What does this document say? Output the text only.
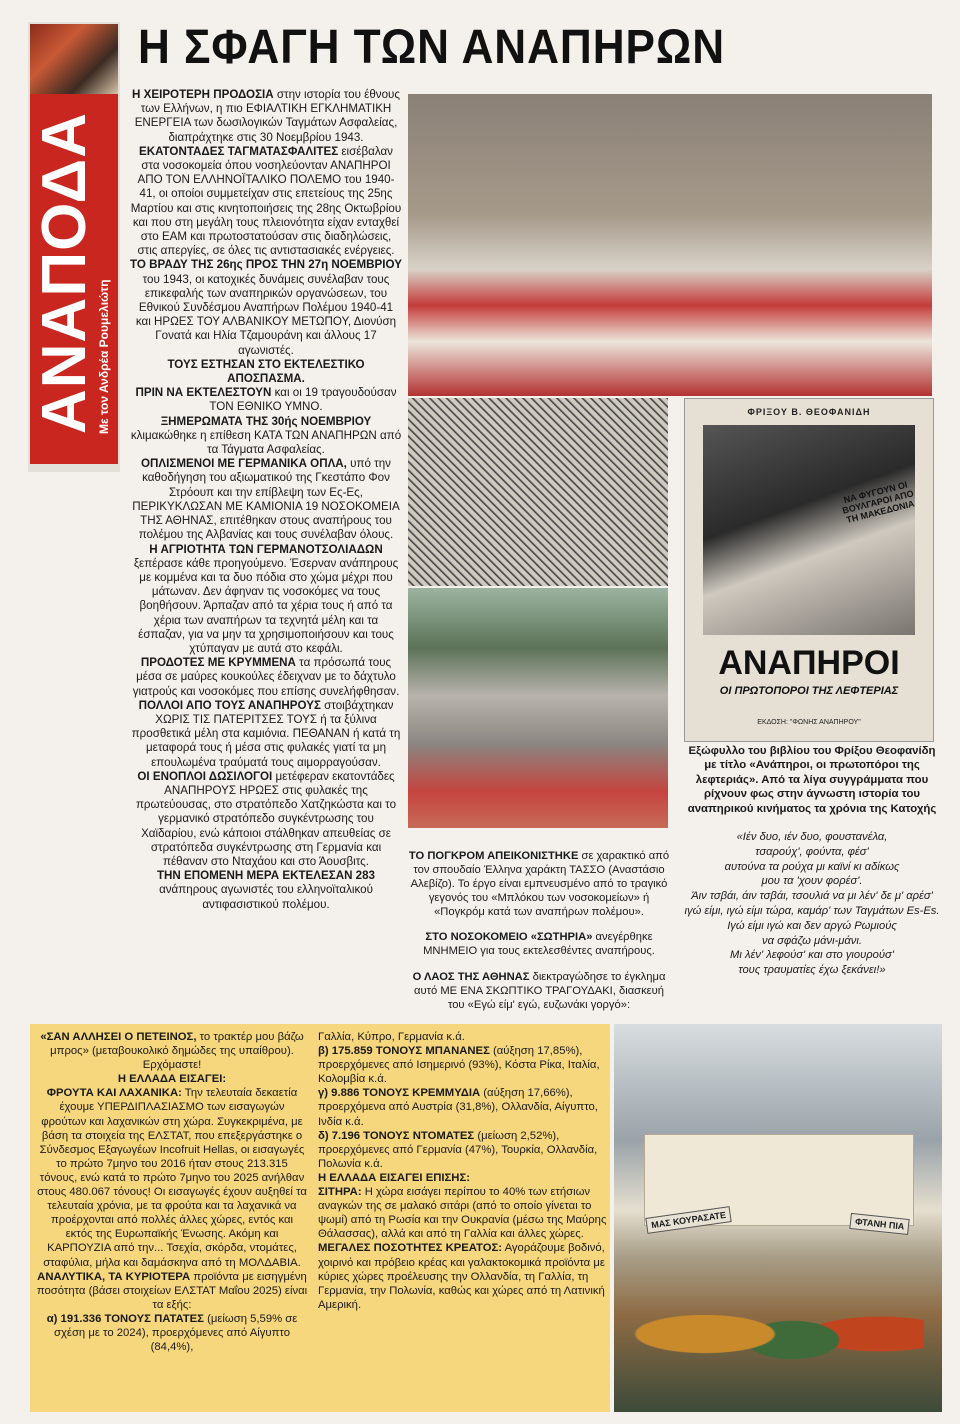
ΑΝΑΠΟΔΑ
Με τον Ανδρέα Ρουμελιώτη
Η ΣΦΑΓΗ ΤΩΝ ΑΝΑΠΗΡΩΝ

Η ΧΕΙΡΟΤΕΡΗ ΠΡΟΔΟΣΙΑ στην ιστορία του έθνους των Ελλήνων, η πιο ΕΦΙΑΛΤΙΚΗ ΕΓΚΛΗΜΑΤΙΚΗ ΕΝΕΡΓΕΙΑ των δωσιλογικών Ταγμάτων Ασφαλείας, διαπράχτηκε στις 30 Νοεμβρίου 1943.

ΕΚΑΤΟΝΤΑΔΕΣ ΤΑΓΜΑΤΑΣΦΑΛΙΤΕΣ εισέβαλαν στα νοσοκομεία όπου νοσηλεύονταν ΑΝΑΠΗΡΟΙ ΑΠΟ ΤΟΝ ΕΛΛΗΝΟΪΤΑΛΙΚΟ ΠΟΛΕΜΟ του 1940-41, οι οποίοι συμμετείχαν στις επετείους της 25ης Μαρτίου και στις κινητοποιήσεις της 28ης Οκτωβρίου και που στη μεγάλη τους πλειονότητα είχαν ενταχθεί στο ΕΑΜ και πρωτοστατούσαν στις διαδηλώσεις, στις απεργίες, σε όλες τις αντιστασιακές ενέργειες.

ΤΟ ΒΡΑΔΥ ΤΗΣ 26ης ΠΡΟΣ ΤΗΝ 27η ΝΟΕΜΒΡΙΟΥ του 1943, οι κατοχικές δυνάμεις συνέλαβαν τους επικεφαλής των αναπηρικών οργανώσεων, του Εθνικού Συνδέσμου Αναπήρων Πολέμου 1940-41 και ΗΡΩΕΣ ΤΟΥ ΑΛΒΑΝΙΚΟΥ ΜΕΤΩΠΟΥ, Διονύση Γονατά και Ηλία Τζαμουράνη και άλλους 17 αγωνιστές.

ΤΟΥΣ ΕΣΤΗΣΑΝ ΣΤΟ ΕΚΤΕΛΕΣΤΙΚΟ ΑΠΟΣΠΑΣΜΑ.

ΠΡΙΝ ΝΑ ΕΚΤΕΛΕΣΤΟΥΝ και οι 19 τραγουδούσαν ΤΟΝ ΕΘΝΙΚΟ ΥΜΝΟ.

ΞΗΜΕΡΩΜΑΤΑ ΤΗΣ 30ής ΝΟΕΜΒΡΙΟΥ κλιμακώθηκε η επίθεση ΚΑΤΑ ΤΩΝ ΑΝΑΠΗΡΩΝ από τα Τάγματα Ασφαλείας.

ΟΠΛΙΣΜΕΝΟΙ ΜΕ ΓΕΡΜΑΝΙΚΑ ΟΠΛΑ, υπό την καθοδήγηση του αξιωματικού της Γκεστάπο Φον Στρόουπ και την επίβλεψη των Ες-Ες, ΠΕΡΙΚΥΚΛΩΣΑΝ ΜΕ ΚΑΜΙΟΝΙΑ 19 ΝΟΣΟΚΟΜΕΙΑ ΤΗΣ ΑΘΗΝΑΣ, επιτέθηκαν στους αναπήρους του πολέμου της Αλβανίας και τους συνέλαβαν όλους.

Η ΑΓΡΙΟΤΗΤΑ ΤΩΝ ΓΕΡΜΑΝΟΤΣΟΛΙΑΔΩΝ ξεπέρασε κάθε προηγούμενο. Έσερναν ανάπηρους με κομμένα και τα δυο πόδια στο χώμα μέχρι που μάτωναν. Δεν άφηναν τις νοσοκόμες να τους βοηθήσουν. Άρπαζαν από τα χέρια τους ή από τα χέρια των αναπήρων τα τεχνητά μέλη και τα έσπαζαν, για να μην τα χρησιμοποιήσουν και τους χτύπαγαν με αυτά στο κεφάλι.

ΠΡΟΔΟΤΕΣ ΜΕ ΚΡΥΜΜΕΝΑ τα πρόσωπά τους μέσα σε μαύρες κουκούλες έδειχναν με το δάχτυλο γιατρούς και νοσοκόμες που επίσης συνελήφθησαν.

ΠΟΛΛΟΙ ΑΠΟ ΤΟΥΣ ΑΝΑΠΗΡΟΥΣ στοιβάχτηκαν ΧΩΡΙΣ ΤΙΣ ΠΑΤΕΡΙΤΣΕΣ ΤΟΥΣ ή τα ξύλινα προσθετικά μέλη στα καμιόνια. ΠΕΘΑΝΑΝ ή κατά τη μεταφορά τους ή μέσα στις φυλακές γιατί τα μη επουλωμένα τραύματά τους αιμορραγούσαν.

ΟΙ ΕΝΟΠΛΟΙ ΔΩΣΙΛΟΓΟΙ μετέφεραν εκατοντάδες ΑΝΑΠΗΡΟΥΣ ΗΡΩΕΣ στις φυλακές της πρωτεύουσας, στο στρατόπεδο Χατζηκώστα και το γερμανικό στρατόπεδο συγκέντρωσης του Χαϊδαρίου, ενώ κάποιοι στάλθηκαν απευθείας σε στρατόπεδα συγκέντρωσης στη Γερμανία και πέθαναν στο Νταχάου και στο Άουσβιτς.

ΤΗΝ ΕΠΟΜΕΝΗ ΜΕΡΑ ΕΚΤΕΛΕΣΑΝ 283 ανάπηρους αγωνιστές του ελληνοϊταλικού αντιφασιστικού πολέμου.

ΦΡΙΞΟΥ Β. ΘΕΟΦΑΝΙΔΗ
ΝΑ ΦΥΓΟΥΝ ΟΙ ΒΟΥΛΓΑΡΟΙ ΑΠΟ ΤΗ ΜΑΚΕΔΟΝΙΑ
ΑΝΑΠΗΡΟΙ
ΟΙ ΠΡΩΤΟΠΟΡΟΙ ΤΗΣ ΛΕΦΤΕΡΙΑΣ
ΕΚΔΟΣΗ: "ΦΩΝΗΣ ΑΝΑΠΗΡΟΥ"
Εξώφυλλο του βιβλίου του Φρίξου Θεοφανίδη με τίτλο «Ανάπηροι, οι πρωτοπόροι της λεφτεριάς». Από τα λίγα συγγράμματα που ρίχνουν φως στην άγνωστη ιστορία του αναπηρικού κινήματος τα χρόνια της Κατοχής
«Ιέν δυο, ιέν δυο, φουστανέλα,
τσαρούχ', φούντα, φέσ'
αυτούνα τα ρούχα μι καϊνί κι αδίκως
μου τα 'χουν φορέσ'.
Άιν τσβάι, άιν τσβάι, τσουλιά να μι λέν' δε μ' αρέσ'
ιγώ είμι, ιγώ είμι τώρα, καμάρ' των Ταγμάτων Es-Es.
Ιγώ είμι ιγώ και δεν αργώ Ρωμιούς
να σφάζω μάνι-μάνι.
Μι λέν' λεφούσ' και στο γιουρούσ'
τους τραυματίες έχω ξεκάνει!»

ΤΟ ΠΟΓΚΡΟΜ ΑΠΕΙΚΟΝΙΣΤΗΚΕ σε χαρακτικό από τον σπουδαίο Έλληνα χαράκτη ΤΑΣΣΟ (Αναστάσιο Αλεβίζο). Το έργο είναι εμπνευσμένο από το τραγικό γεγονός του «Μπλόκου των νοσοκομείων» ή «Πογκρόμ κατά των αναπήρων πολέμου».

ΣΤΟ ΝΟΣΟΚΟΜΕΙΟ «ΣΩΤΗΡΙΑ» ανεγέρθηκε ΜΝΗΜΕΙΟ για τους εκτελεσθέντες αναπήρους.

Ο ΛΑΟΣ ΤΗΣ ΑΘΗΝΑΣ διεκτραγώδησε το έγκλημα αυτό ΜΕ ΕΝΑ ΣΚΩΠΤΙΚΟ ΤΡΑΓΟΥΔΑΚΙ, διασκευή του «Εγώ είμ' εγώ, ευζωνάκι γοργό»:

«ΣΑΝ ΑΛΛΗΣΕΙ Ο ΠΕΤΕΙΝΟΣ, το τρακτέρ μου βάζω μπρος» (μεταβουκολικό δημώδες της υπαίθρου). Ερχόμαστε!

Η ΕΛΛΑΔΑ ΕΙΣΑΓΕΙ:

ΦΡΟΥΤΑ ΚΑΙ ΛΑΧΑΝΙΚΑ: Την τελευταία δεκαετία έχουμε ΥΠΕΡΔΙΠΛΑΣΙΑΣΜΟ των εισαγωγών φρούτων και λαχανικών στη χώρα. Συγκεκριμένα, με βάση τα στοιχεία της ΕΛΣΤΑΤ, που επεξεργάστηκε ο Σύνδεσμος Εξαγωγέων Incofruit Hellas, οι εισαγωγές το πρώτο 7μηνο του 2016 ήταν στους 213.315 τόνους, ενώ κατά το πρώτο 7μηνο του 2025 ανήλθαν στους 480.067 τόνους! Οι εισαγωγές έχουν αυξηθεί τα τελευταία χρόνια, με τα φρούτα και τα λαχανικά να προέρχονται από πολλές άλλες χώρες, εντός και εκτός της Ευρωπαϊκής Ένωσης. Ακόμη και ΚΑΡΠΟΥΖΙΑ από την... Τσεχία, σκόρδα, ντομάτες, σταφύλια, μήλα και δαμάσκηνα από τη ΜΟΛΔΑΒΙΑ.

ΑΝΑΛΥΤΙΚΑ, ΤΑ ΚΥΡΙΟΤΕΡΑ προϊόντα με εισηγμένη ποσότητα (βάσει στοιχείων ΕΛΣΤΑΤ Μαΐου 2025) είναι τα εξής:

α) 191.336 ΤΟΝΟΥΣ ΠΑΤΑΤΕΣ (μείωση 5,59% σε σχέση με το 2024), προερχόμενες από Αίγυπτο (84,4%),

Γαλλία, Κύπρο, Γερμανία κ.ά.

β) 175.859 ΤΟΝΟΥΣ ΜΠΑΝΑΝΕΣ (αύξηση 17,85%), προερχόμενες από Ισημερινό (93%), Κόστα Ρίκα, Ιταλία, Κολομβία κ.ά.

γ) 9.886 ΤΟΝΟΥΣ ΚΡΕΜΜΥΔΙΑ (αύξηση 17,66%), προερχόμενα από Αυστρία (31,8%), Ολλανδία, Αίγυπτο, Ινδία κ.ά.

δ) 7.196 ΤΟΝΟΥΣ ΝΤΟΜΑΤΕΣ (μείωση 2,52%), προερχόμενες από Γερμανία (47%), Τουρκία, Ολλανδία, Πολωνία κ.ά.

Η ΕΛΛΑΔΑ ΕΙΣΑΓΕΙ ΕΠΙΣΗΣ:

ΣΙΤΗΡΑ: Η χώρα εισάγει περίπου το 40% των ετήσιων αναγκών της σε μαλακό σιτάρι (από το οποίο γίνεται το ψωμί) από τη Ρωσία και την Ουκρανία (μέσω της Μαύρης Θάλασσας), αλλά και από τη Γαλλία και άλλες χώρες.

ΜΕΓΑΛΕΣ ΠΟΣΟΤΗΤΕΣ ΚΡΕΑΤΟΣ: Αγοράζουμε βοδινό, χοιρινό και πρόβειο κρέας και γαλακτοκομικά προϊόντα με κύριες χώρες προέλευσης την Ολλανδία, τη Γαλλία, τη Γερμανία, την Πολωνία, καθώς και χώρες από τη Λατινική Αμερική.

ΜΑΣ ΚΟΥΡΑΣΑΤΕ	ΦΤΑΝΗ ΠΙΑ
